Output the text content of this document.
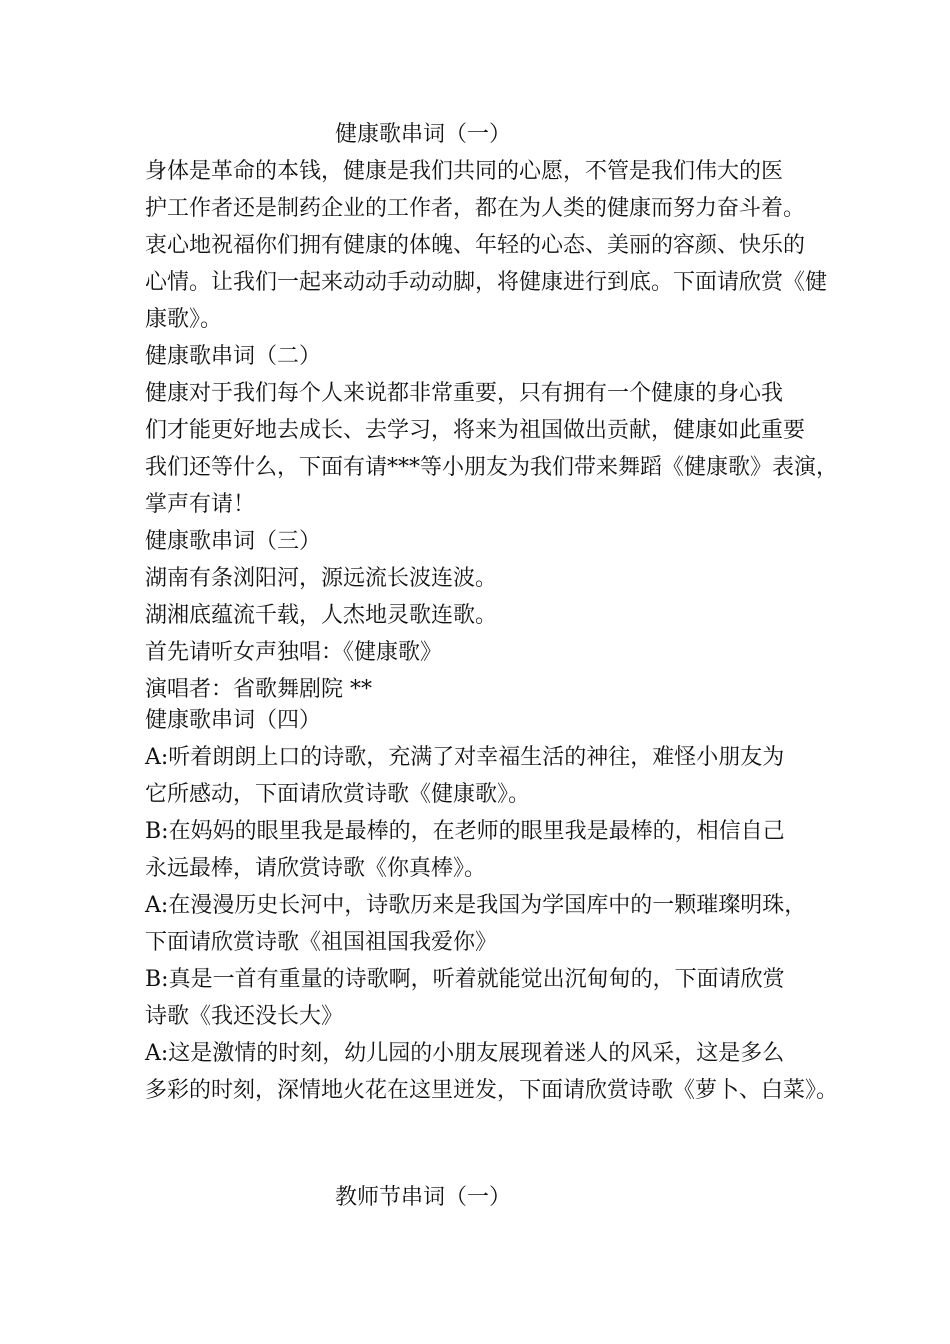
健康歌串词（一）
身体是革命的本钱，健康是我们共同的心愿，不管是我们伟大的医
护工作者还是制药企业的工作者，都在为人类的健康而努力奋斗着。
衷心地祝福你们拥有健康的体魄、年轻的心态、美丽的容颜、快乐的
心情。让我们一起来动动手动动脚，将健康进行到底。下面请欣赏《健
康歌》。
健康歌串词（二）
健康对于我们每个人来说都非常重要，只有拥有一个健康的身心我
们才能更好地去成长、去学习，将来为祖国做出贡献，健康如此重要
我们还等什么，下面有请***等小朋友为我们带来舞蹈《健康歌》表演，
掌声有请！
健康歌串词（三）
湖南有条浏阳河，源远流长波连波。
湖湘底蕴流千载，人杰地灵歌连歌。
首先请听女声独唱：《健康歌》
演唱者：省歌舞剧院 **
健康歌串词（四）
A:听着朗朗上口的诗歌，充满了对幸福生活的神往，难怪小朋友为
它所感动，下面请欣赏诗歌《健康歌》。
B:在妈妈的眼里我是最棒的，在老师的眼里我是最棒的，相信自己
永远最棒，请欣赏诗歌《你真棒》。
A:在漫漫历史长河中，诗歌历来是我国为学国库中的一颗璀璨明珠，
下面请欣赏诗歌《祖国祖国我爱你》
B:真是一首有重量的诗歌啊，听着就能觉出沉甸甸的，下面请欣赏
诗歌《我还没长大》
A:这是激情的时刻，幼儿园的小朋友展现着迷人的风采，这是多么
多彩的时刻，深情地火花在这里迸发，下面请欣赏诗歌《萝卜、白菜》。
教师节串词（一）
